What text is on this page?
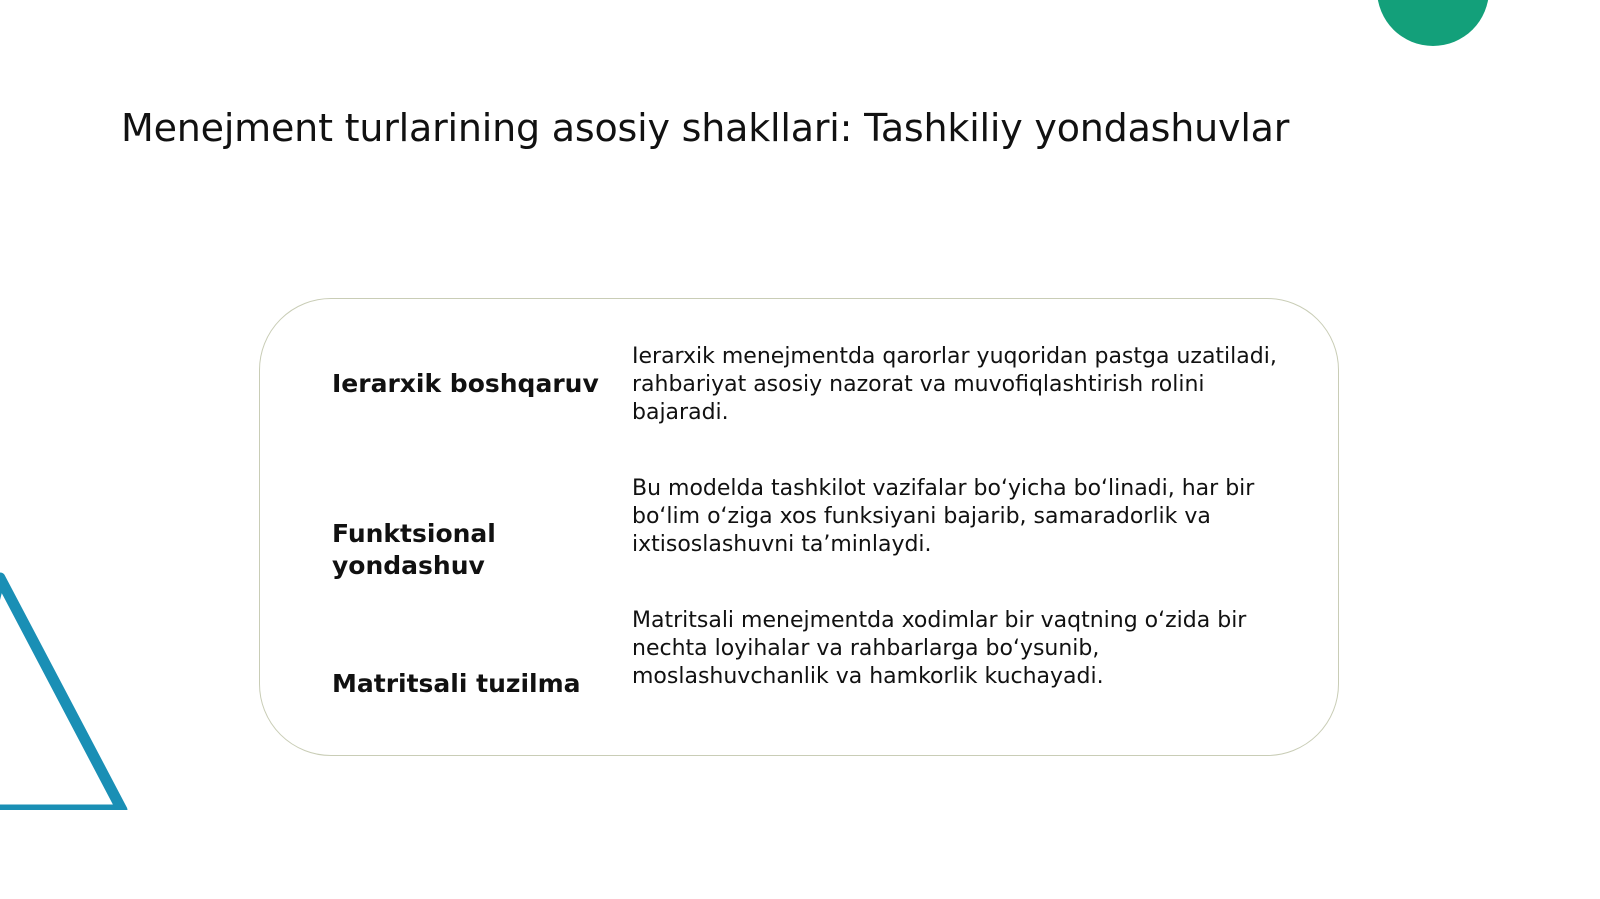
Menejment turlarining asosiy shakllari: Tashkiliy yondashuvlar

Ierarxik boshqaruv

Ierarxik menejmentda qarorlar yuqoridan pastga uzatiladi, rahbariyat asosiy nazorat va muvofiqlashtirish rolini bajaradi.

Funktsional yondashuv

Bu modelda tashkilot vazifalar bo‘yicha bo‘linadi, har bir bo‘lim o‘ziga xos funksiyani bajarib, samaradorlik va ixtisoslashuvni ta’minlaydi.

Matritsali tuzilma

Matritsali menejmentda xodimlar bir vaqtning o‘zida bir nechta loyihalar va rahbarlarga bo‘ysunib, moslashuvchanlik va hamkorlik kuchayadi.
